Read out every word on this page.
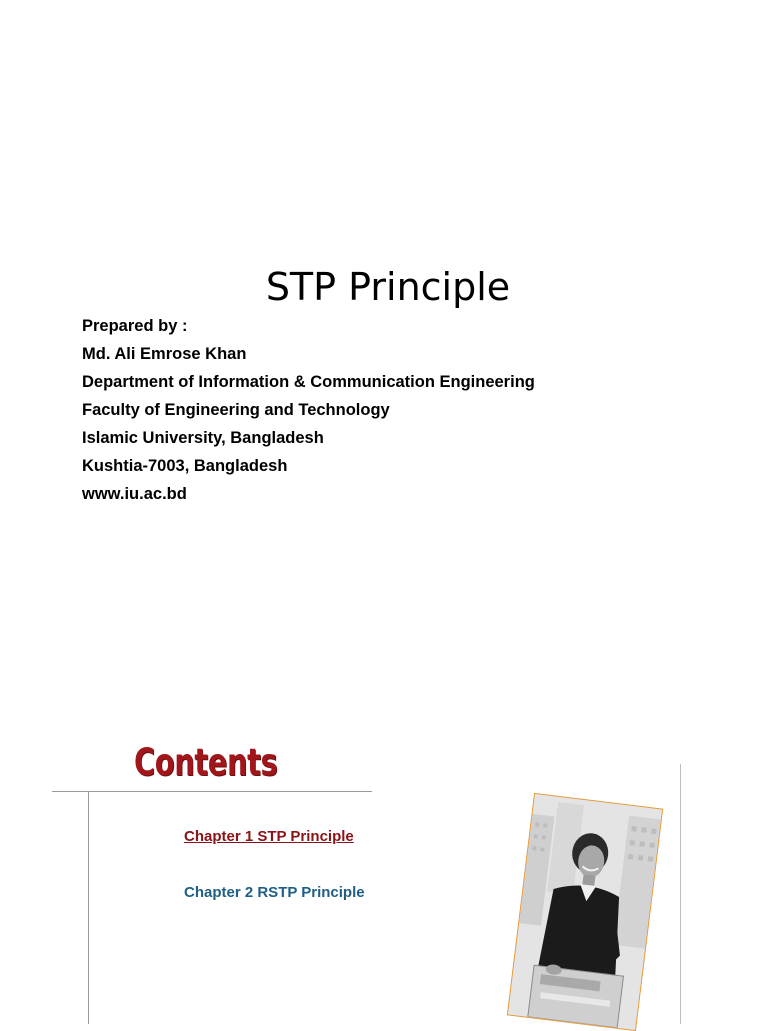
STP Principle
Prepared by :
Md. Ali Emrose Khan
Department of Information & Communication Engineering
Faculty of Engineering and Technology
Islamic University, Bangladesh
Kushtia-7003, Bangladesh
www.iu.ac.bd
Contents
Chapter 1 STP Principle
Chapter 2 RSTP Principle
